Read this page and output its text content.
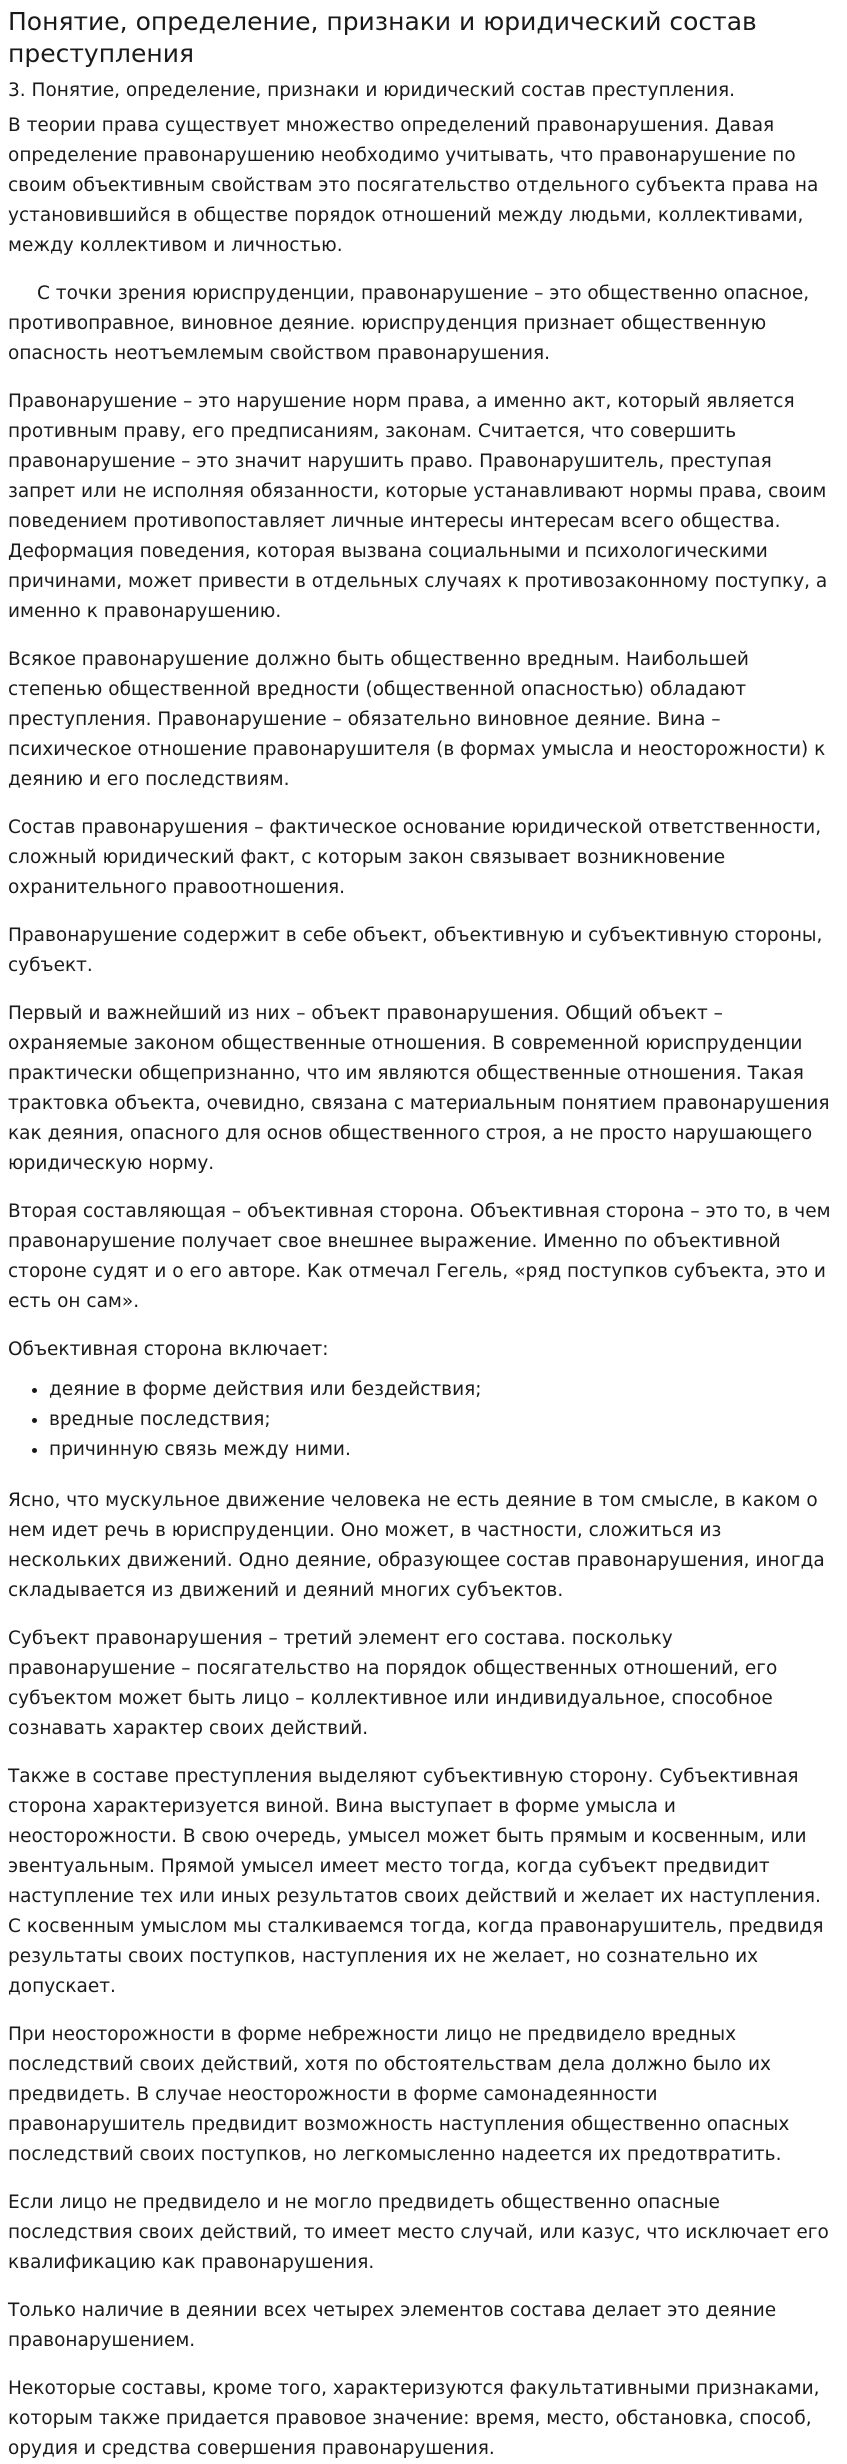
Понятие, определение, признаки и юридический состав преступления

3. Понятие, определение, признаки и юридический состав преступления.

В теории права существует множество определений правонарушения. Давая определение правонарушению необходимо учитывать, что правонарушение по своим объективным свойствам это посягательство отдельного субъекта права на установившийся в обществе порядок отношений между людьми, коллективами, между коллективом и личностью.

С точки зрения юриспруденции, правонарушение – это общественно опасное, противоправное, виновное деяние. юриспруденция признает общественную опасность неотъемлемым свойством правонарушения.

Правонарушение – это нарушение норм права, а именно акт, который является противным праву, его предписаниям, законам. Считается, что совершить правонарушение – это значит нарушить право. Правонарушитель, преступая запрет или не исполняя обязанности, которые устанавливают нормы права, своим поведением противопоставляет личные интересы интересам всего общества. Деформация поведения, которая вызвана социальными и психологическими причинами, может привести в отдельных случаях к противозаконному поступку, а именно к правонарушению.

Всякое правонарушение должно быть общественно вредным. Наибольшей степенью общественной вредности (общественной опасностью) обладают преступления. Правонарушение – обязательно виновное деяние. Вина – психическое отношение правонарушителя (в формах умысла и неосторожности) к деянию и его последствиям.

Состав правонарушения – фактическое основание юридической ответственности, сложный юридический факт, с которым закон связывает возникновение охранительного правоотношения.

Правонарушение содержит в себе объект, объективную и субъективную стороны, субъект.

Первый и важнейший из них – объект правонарушения. Общий объект – охраняемые законом общественные отношения. В современной юриспруденции практически общепризнанно, что им являются общественные отношения. Такая трактовка объекта, очевидно, связана с материальным понятием правонарушения как деяния, опасного для основ общественного строя, а не просто нарушающего юридическую норму.

Вторая составляющая – объективная сторона. Объективная сторона – это то, в чем правонарушение получает свое внешнее выражение. Именно по объективной стороне судят и о его авторе. Как отмечал Гегель, «ряд поступков субъекта, это и есть он сам».

Объективная сторона включает:

• деяние в форме действия или бездействия;
• вредные последствия;
• причинную связь между ними.

Ясно, что мускульное движение человека не есть деяние в том смысле, в каком о нем идет речь в юриспруденции. Оно может, в частности, сложиться из нескольких движений. Одно деяние, образующее состав правонарушения, иногда складывается из движений и деяний многих субъектов.

Субъект правонарушения – третий элемент его состава. поскольку правонарушение – посягательство на порядок общественных отношений, его субъектом может быть лицо – коллективное или индивидуальное, способное сознавать характер своих действий.

Также в составе преступления выделяют субъективную сторону. Субъективная сторона характеризуется виной. Вина выступает в форме умысла и неосторожности. В свою очередь, умысел может быть прямым и косвенным, или эвентуальным. Прямой умысел имеет место тогда, когда субъект предвидит наступление тех или иных результатов своих действий и желает их наступления. С косвенным умыслом мы сталкиваемся тогда, когда правонарушитель, предвидя результаты своих поступков, наступления их не желает, но сознательно их допускает.

При неосторожности в форме небрежности лицо не предвидело вредных последствий своих действий, хотя по обстоятельствам дела должно было их предвидеть. В случае неосторожности в форме самонадеянности правонарушитель предвидит возможность наступления общественно опасных последствий своих поступков, но легкомысленно надеется их предотвратить.

Если лицо не предвидело и не могло предвидеть общественно опасные последствия своих действий, то имеет место случай, или казус, что исключает его квалификацию как правонарушения.

Только наличие в деянии всех четырех элементов состава делает это деяние правонарушением.

Некоторые составы, кроме того, характеризуются факультативными признаками, которым также придается правовое значение: время, место, обстановка, способ, орудия и средства совершения правонарушения.
